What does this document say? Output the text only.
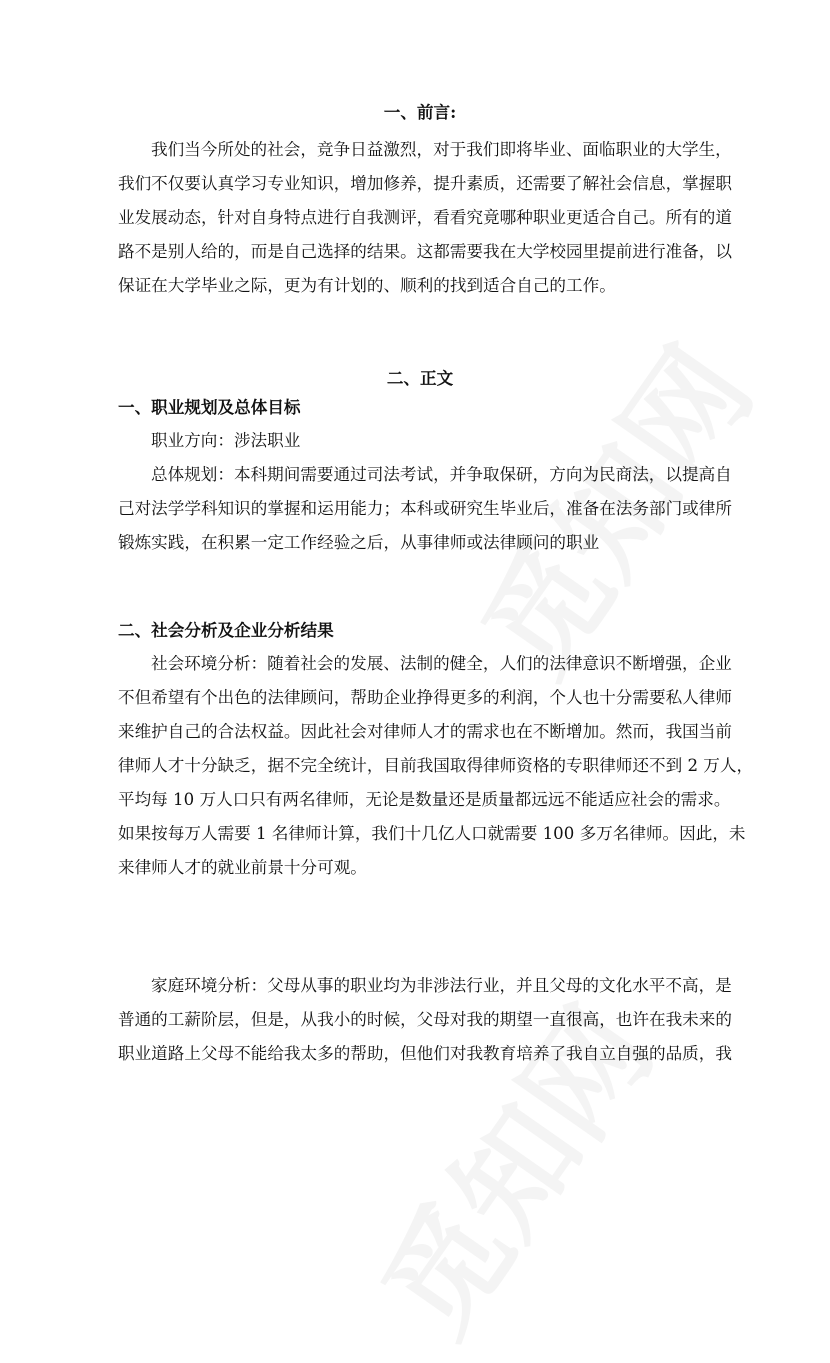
一、前言:
我们当今所处的社会，竞争日益激烈，对于我们即将毕业、面临职业的大学生，
我们不仅要认真学习专业知识，增加修养，提升素质，还需要了解社会信息，掌握职
业发展动态，针对自身特点进行自我测评，看看究竟哪种职业更适合自己。所有的道
路不是别人给的，而是自己选择的结果。这都需要我在大学校园里提前进行准备，以
保证在大学毕业之际，更为有计划的、顺利的找到适合自己的工作。
二、正文
一、职业规划及总体目标
职业方向：涉法职业
总体规划：本科期间需要通过司法考试，并争取保研，方向为民商法，以提高自
己对法学学科知识的掌握和运用能力；本科或研究生毕业后，准备在法务部门或律所
锻炼实践，在积累一定工作经验之后，从事律师或法律顾问的职业
二、社会分析及企业分析结果
社会环境分析：随着社会的发展、法制的健全，人们的法律意识不断增强，企业
不但希望有个出色的法律顾问，帮助企业挣得更多的利润，个人也十分需要私人律师
来维护自己的合法权益。因此社会对律师人才的需求也在不断增加。然而，我国当前
律师人才十分缺乏，据不完全统计，目前我国取得律师资格的专职律师还不到 2 万人，
平均每 10 万人口只有两名律师，无论是数量还是质量都远远不能适应社会的需求。
如果按每万人需要 1 名律师计算，我们十几亿人口就需要 100 多万名律师。因此，未
来律师人才的就业前景十分可观。
家庭环境分析：父母从事的职业均为非涉法行业，并且父母的文化水平不高，是
普通的工薪阶层，但是，从我小的时候，父母对我的期望一直很高，也许在我未来的
职业道路上父母不能给我太多的帮助，但他们对我教育培养了我自立自强的品质，我
